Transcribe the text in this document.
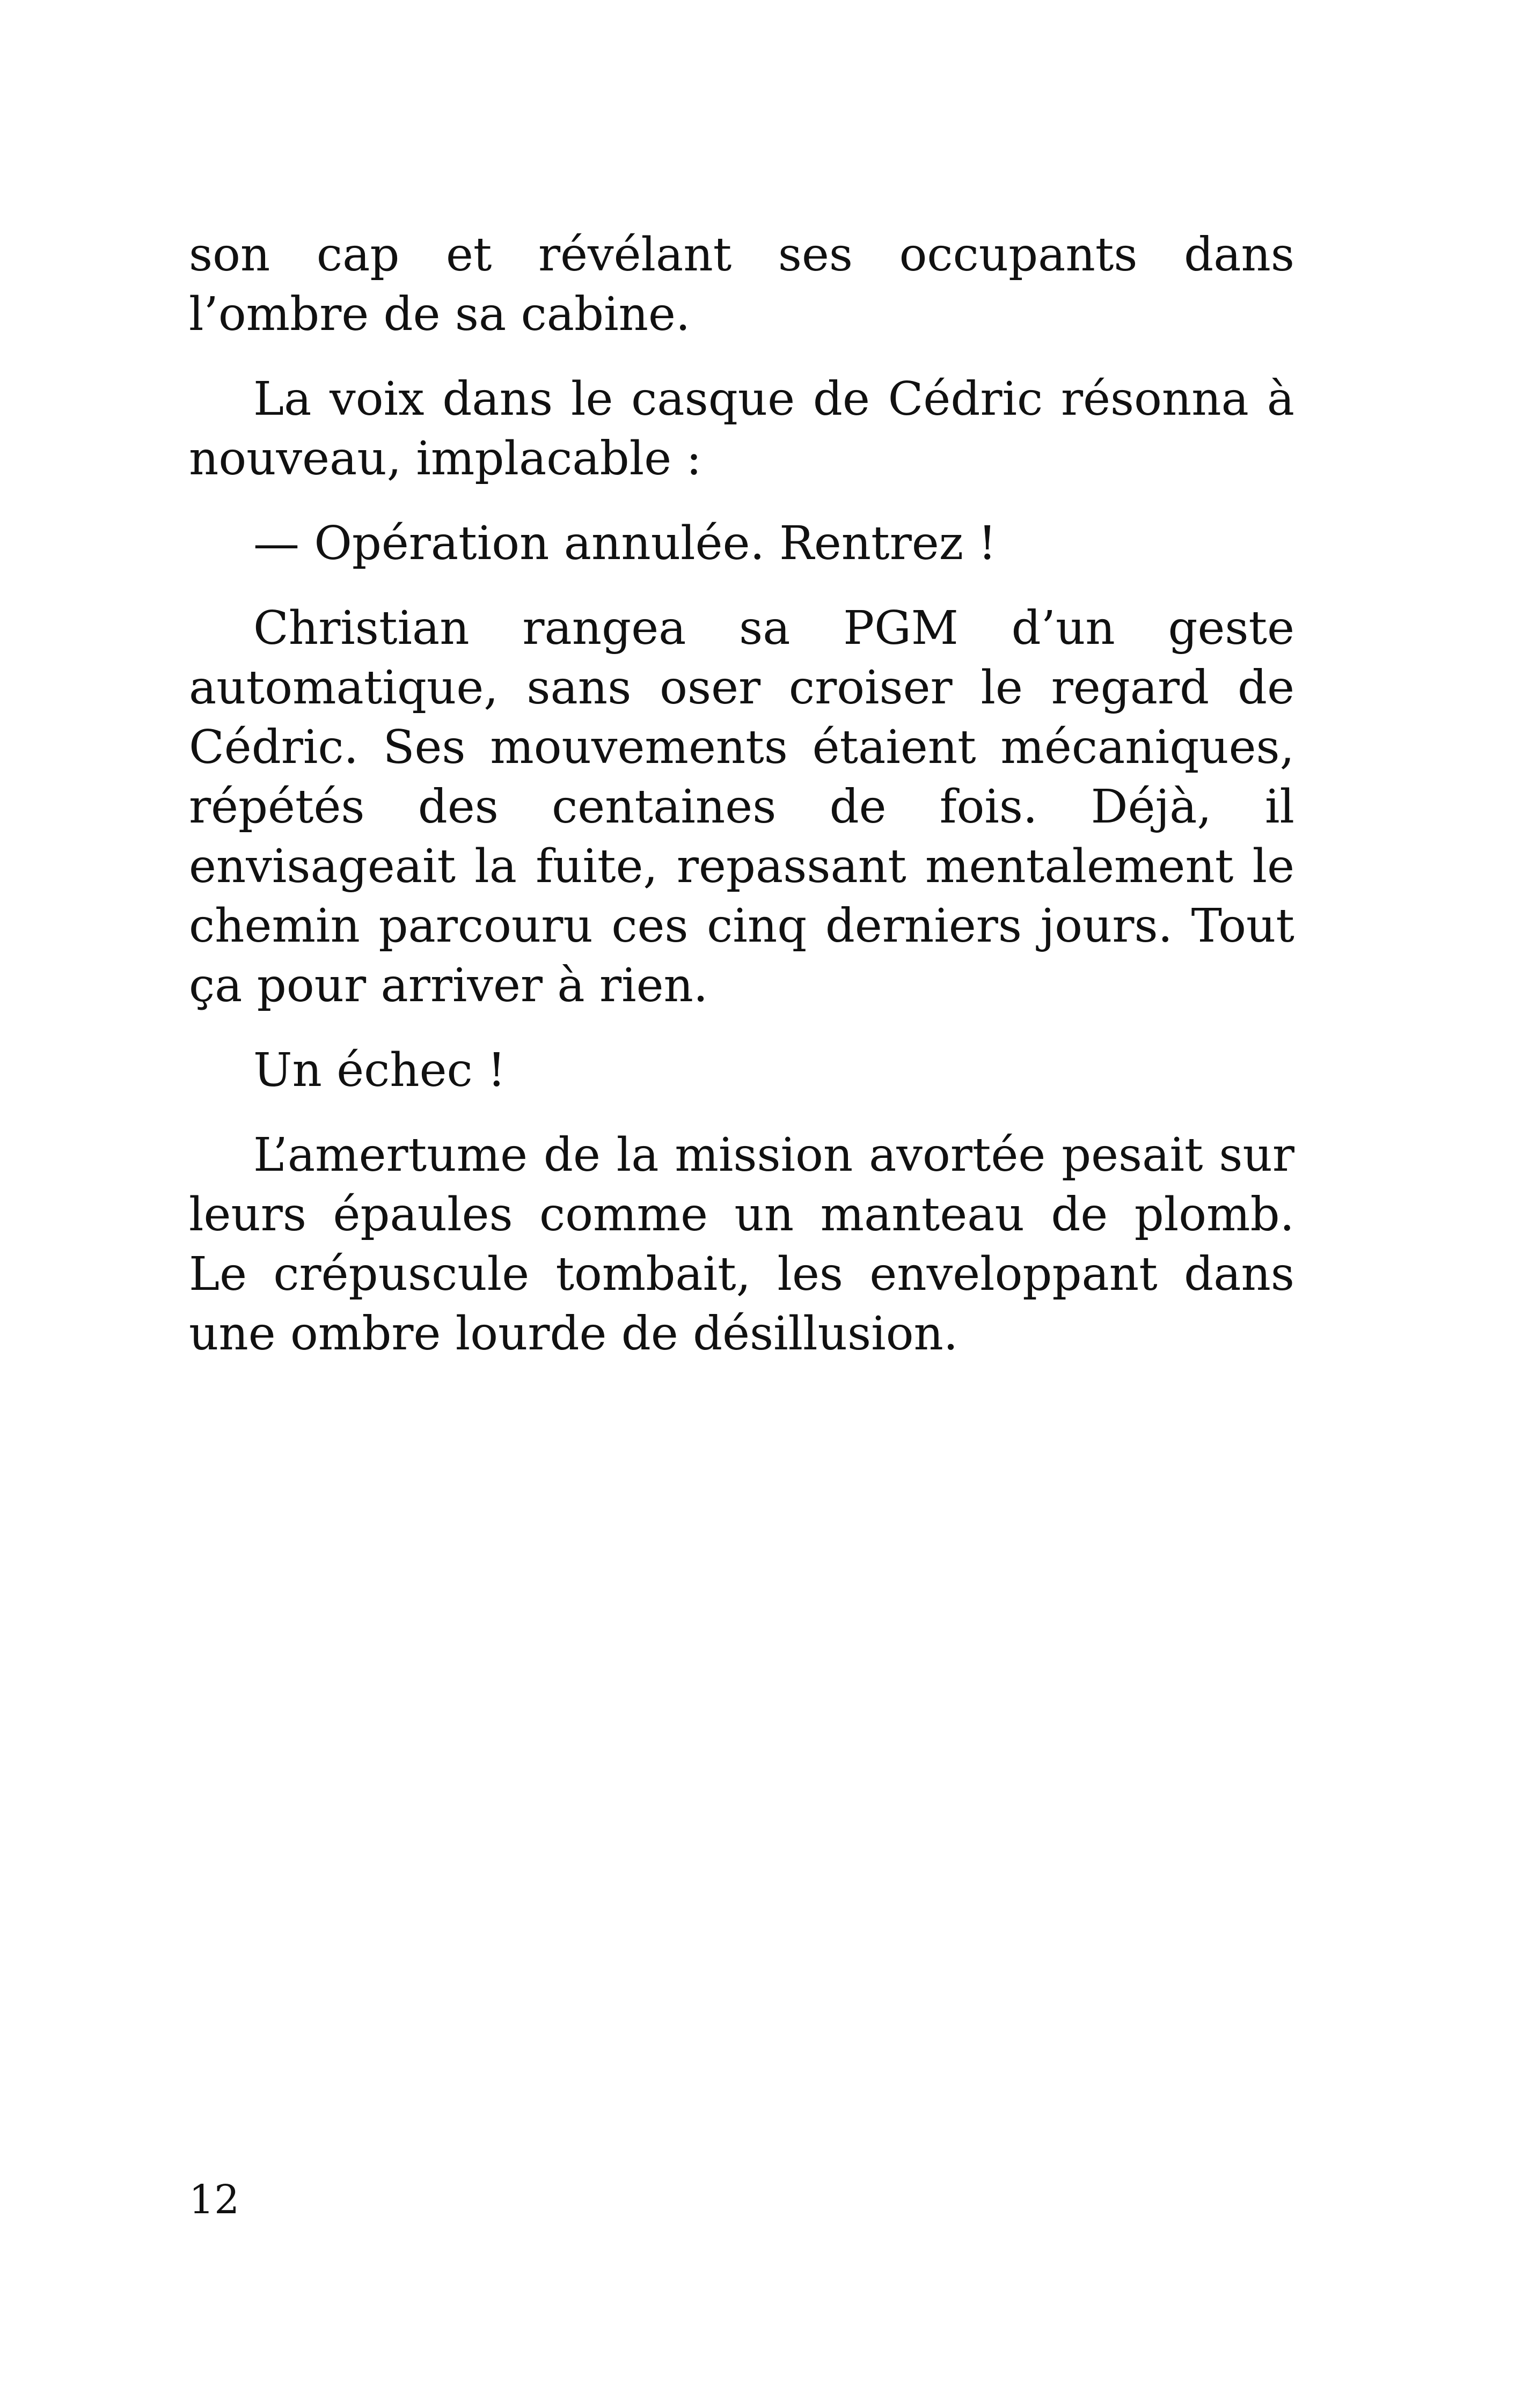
son cap et révélant ses occupants dans l’ombre de sa cabine.

La voix dans le casque de Cédric résonna à nouveau, implacable :

— Opération annulée. Rentrez !

Christian rangea sa PGM d’un geste automatique, sans oser croiser le regard de Cédric. Ses mouvements étaient mécaniques, répétés des centaines de fois. Déjà, il envisageait la fuite, repassant mentalement le chemin parcouru ces cinq derniers jours. Tout ça pour arriver à rien.

Un échec !

L’amertume de la mission avortée pesait sur leurs épaules comme un manteau de plomb. Le crépuscule tombait, les enveloppant dans une ombre lourde de désillusion.

12
